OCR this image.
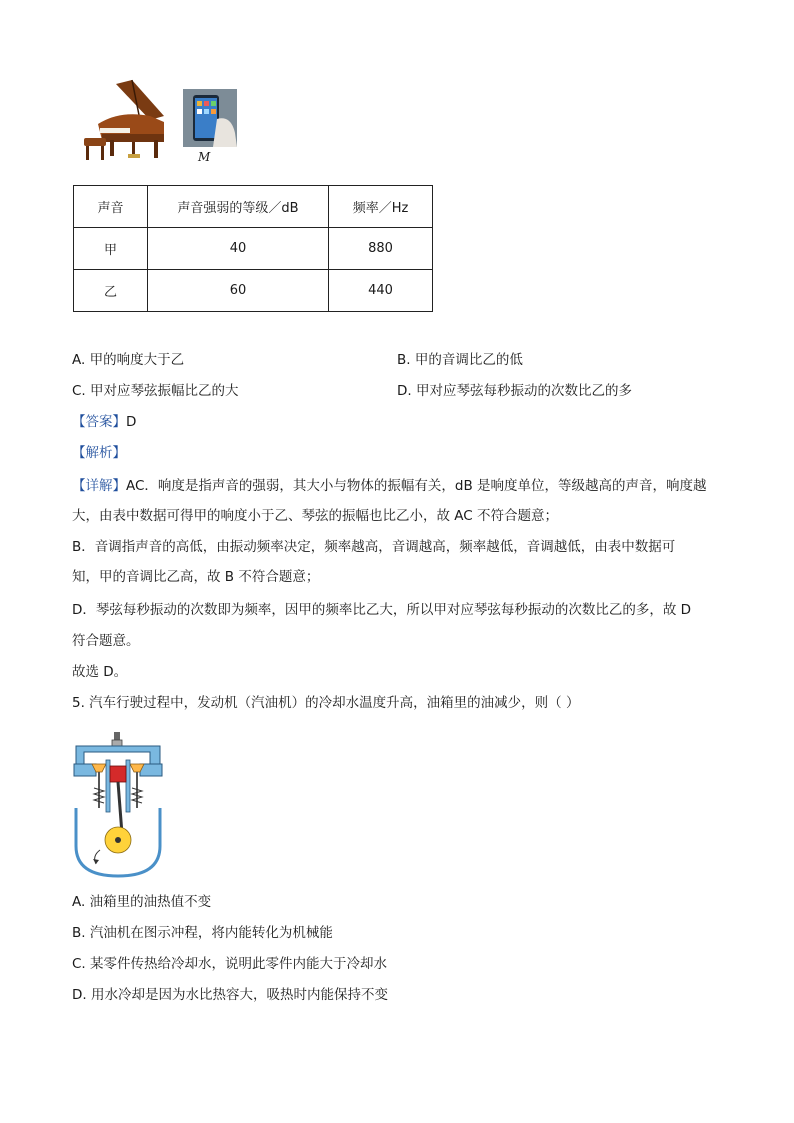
M
声音	声音强弱的等级／dB	频率／Hz
甲	40	880
乙	60	440
A. 甲的响度大于乙	B. 甲的音调比乙的低
C. 甲对应琴弦振幅比乙的大	D. 甲对应琴弦每秒振动的次数比乙的多
【答案】D
【解析】
【详解】AC．响度是指声音的强弱，其大小与物体的振幅有关，dB 是响度单位，等级越高的声音，响度越
大，由表中数据可得甲的响度小于乙、琴弦的振幅也比乙小，故 AC 不符合题意；
B．音调指声音的高低，由振动频率决定，频率越高，音调越高，频率越低，音调越低，由表中数据可
知，甲的音调比乙高，故 B 不符合题意；
D．琴弦每秒振动的次数即为频率，因甲的频率比乙大，所以甲对应琴弦每秒振动的次数比乙的多，故 D
符合题意。
故选 D。
5. 汽车行驶过程中，发动机（汽油机）的冷却水温度升高，油箱里的油减少，则（ ）
A. 油箱里的油热值不变
B. 汽油机在图示冲程，将内能转化为机械能
C. 某零件传热给冷却水，说明此零件内能大于冷却水
D. 用水冷却是因为水比热容大，吸热时内能保持不变
